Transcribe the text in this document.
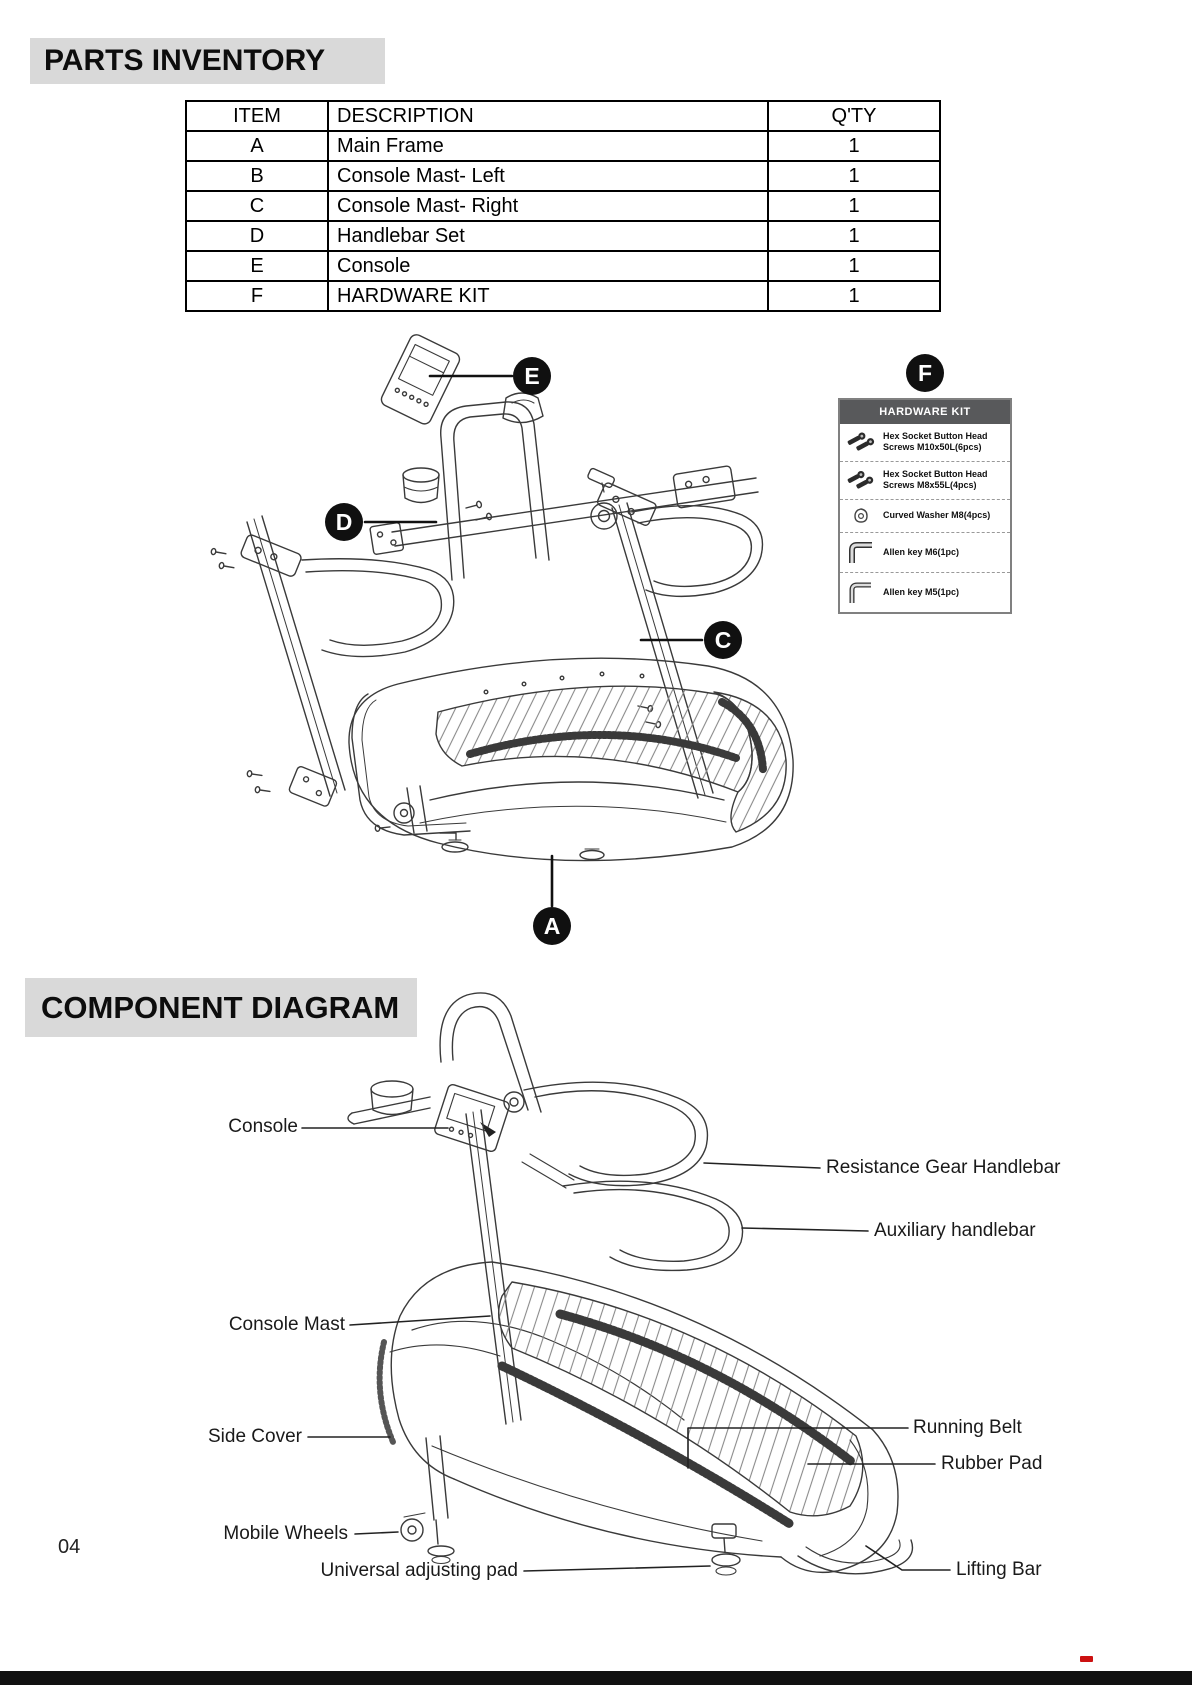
PARTS INVENTORY
COMPONENT DIAGRAM
ITEM	DESCRIPTION	Q'TY
A	Main Frame	1
B	Console Mast- Left	1
C	Console Mast- Right	1
D	Handlebar Set	1
E	Console	1
F	HARDWARE KIT	1
E	F
D
C
A
HARDWARE KIT
Hex Socket Button Head Screws M10x50L(6pcs)
Hex Socket Button Head Screws M8x55L(4pcs)
Curved Washer M8(4pcs)
Allen key M6(1pc)
Allen key M5(1pc)
Console
Resistance Gear Handlebar
Auxiliary handlebar
Console Mast
Side Cover	Running Belt
Rubber Pad
Mobile Wheels
Universal adjusting pad	Lifting Bar
04
